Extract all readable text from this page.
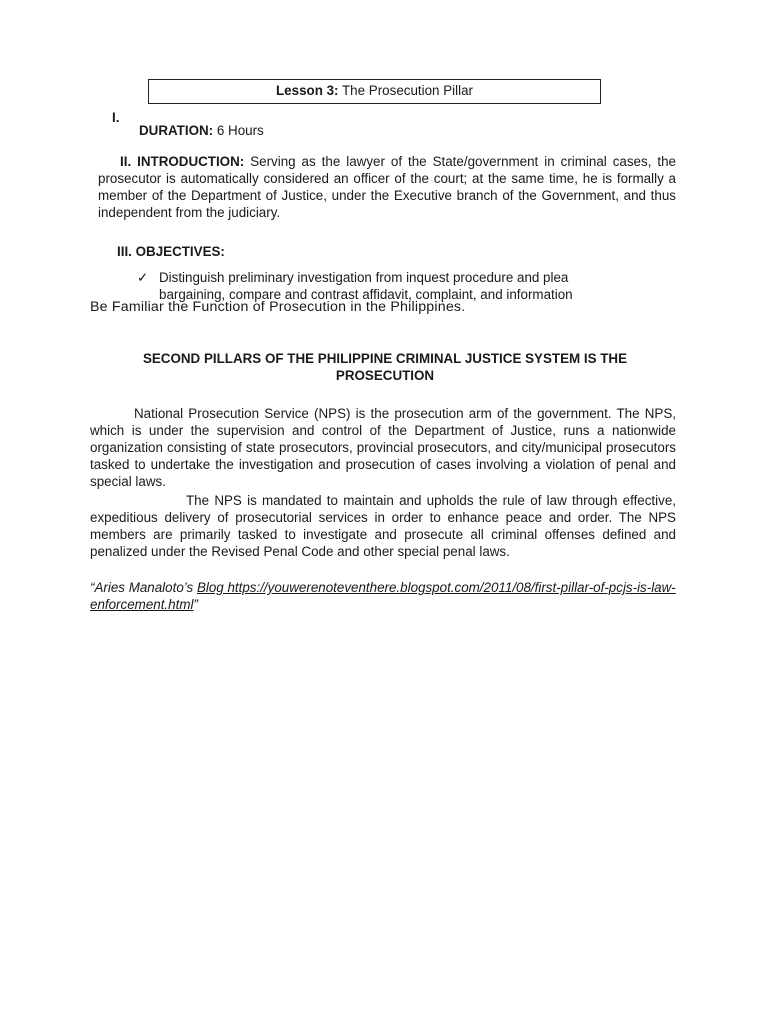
Lesson 3: The Prosecution Pillar
I.
DURATION: 6 Hours
II. INTRODUCTION: Serving as the lawyer of the State/government in criminal cases, the prosecutor is automatically considered an officer of the court; at the same time, he is formally a member of the Department of Justice, under the Executive branch of the Government, and thus independent from the judiciary.
III. OBJECTIVES:
✓ Distinguish preliminary investigation from inquest procedure and plea bargaining, compare and contrast affidavit, complaint, and information
Be Familiar the Function of Prosecution in the Philippines.
SECOND PILLARS OF THE PHILIPPINE CRIMINAL JUSTICE SYSTEM IS THE PROSECUTION
National Prosecution Service (NPS) is the prosecution arm of the government. The NPS, which is under the supervision and control of the Department of Justice, runs a nationwide organization consisting of state prosecutors, provincial prosecutors, and city/municipal prosecutors tasked to undertake the investigation and prosecution of cases involving a violation of penal and special laws.
The NPS is mandated to maintain and upholds the rule of law through effective, expeditious delivery of prosecutorial services in order to enhance peace and order. The NPS members are primarily tasked to investigate and prosecute all criminal offenses defined and penalized under the Revised Penal Code and other special penal laws.
“Aries Manaloto’s Blog https://youwerenoteventhere.blogspot.com/2011/08/first-pillar-of-pcjs-is-law-enforcement.html”
